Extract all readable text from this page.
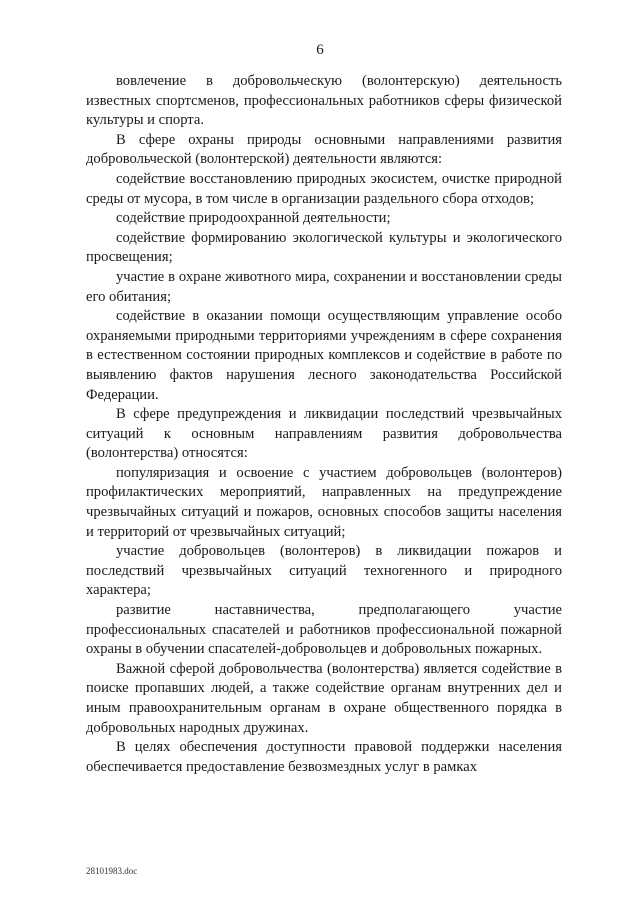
6

вовлечение в добровольческую (волонтерскую) деятельность известных спортсменов, профессиональных работников сферы физической культуры и спорта.

В сфере охраны природы основными направлениями развития добровольческой (волонтерской) деятельности являются:

содействие восстановлению природных экосистем, очистке природной среды от мусора, в том числе в организации раздельного сбора отходов;

содействие природоохранной деятельности;

содействие формированию экологической культуры и экологического просвещения;

участие в охране животного мира, сохранении и восстановлении среды его обитания;

содействие в оказании помощи осуществляющим управление особо охраняемыми природными территориями учреждениям в сфере сохранения в естественном состоянии природных комплексов и содействие в работе по выявлению фактов нарушения лесного законодательства Российской Федерации.

В сфере предупреждения и ликвидации последствий чрезвычайных ситуаций к основным направлениям развития добровольчества (волонтерства) относятся:

популяризация и освоение с участием добровольцев (волонтеров) профилактических мероприятий, направленных на предупреждение чрезвычайных ситуаций и пожаров, основных способов защиты населения и территорий от чрезвычайных ситуаций;

участие добровольцев (волонтеров) в ликвидации пожаров и последствий чрезвычайных ситуаций техногенного и природного характера;

развитие наставничества, предполагающего участие профессиональных спасателей и работников профессиональной пожарной охраны в обучении спасателей-добровольцев и добровольных пожарных.

Важной сферой добровольчества (волонтерства) является содействие в поиске пропавших людей, а также содействие органам внутренних дел и иным правоохранительным органам в охране общественного порядка в добровольных народных дружинах.

В целях обеспечения доступности правовой поддержки населения обеспечивается предоставление безвозмездных услуг в рамках

28101983.doc
